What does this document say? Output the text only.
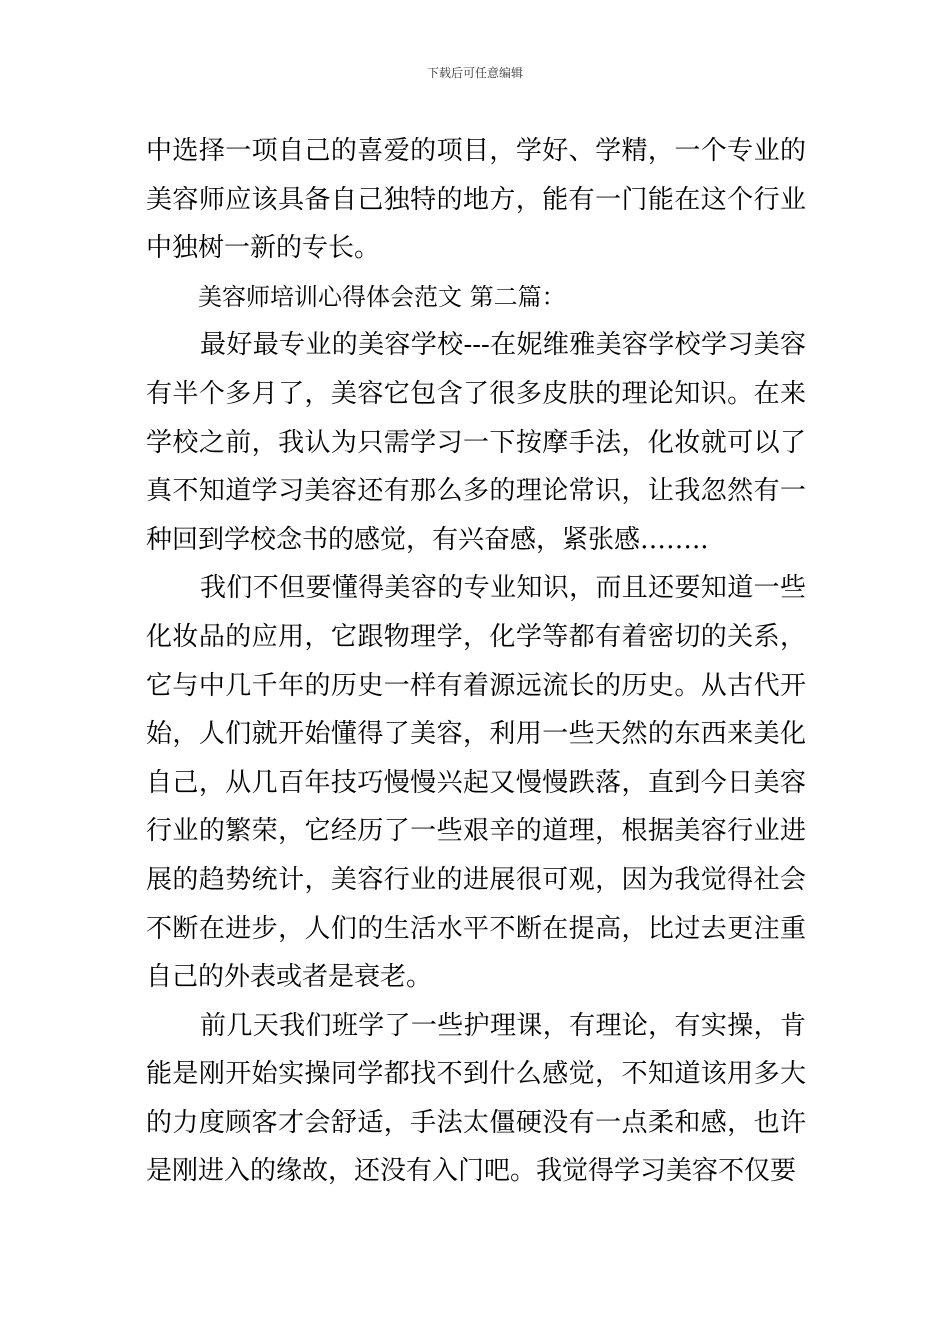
下载后可任意编辑

中选择一项自己的喜爱的项目，学好、学精，一个专业的美容师应该具备自己独特的地方，能有一门能在这个行业中独树一新的专长。

美容师培训心得体会范文 第二篇：

最好最专业的美容学校---在妮维雅美容学校学习美容有半个多月了，美容它包含了很多皮肤的理论知识。在来学校之前，我认为只需学习一下按摩手法，化妆就可以了真不知道学习美容还有那么多的理论常识，让我忽然有一种回到学校念书的感觉，有兴奋感，紧张感……..

我们不但要懂得美容的专业知识，而且还要知道一些化妆品的应用，它跟物理学，化学等都有着密切的关系，它与中几千年的历史一样有着源远流长的历史。从古代开始，人们就开始懂得了美容，利用一些天然的东西来美化自己，从几百年技巧慢慢兴起又慢慢跌落，直到今日美容行业的繁荣，它经历了一些艰辛的道理，根据美容行业进展的趋势统计，美容行业的进展很可观，因为我觉得社会不断在进步，人们的生活水平不断在提高，比过去更注重自己的外表或者是衰老。

前几天我们班学了一些护理课，有理论，有实操，肯能是刚开始实操同学都找不到什么感觉，不知道该用多大的力度顾客才会舒适，手法太僵硬没有一点柔和感，也许是刚进入的缘故，还没有入门吧。我觉得学习美容不仅要
